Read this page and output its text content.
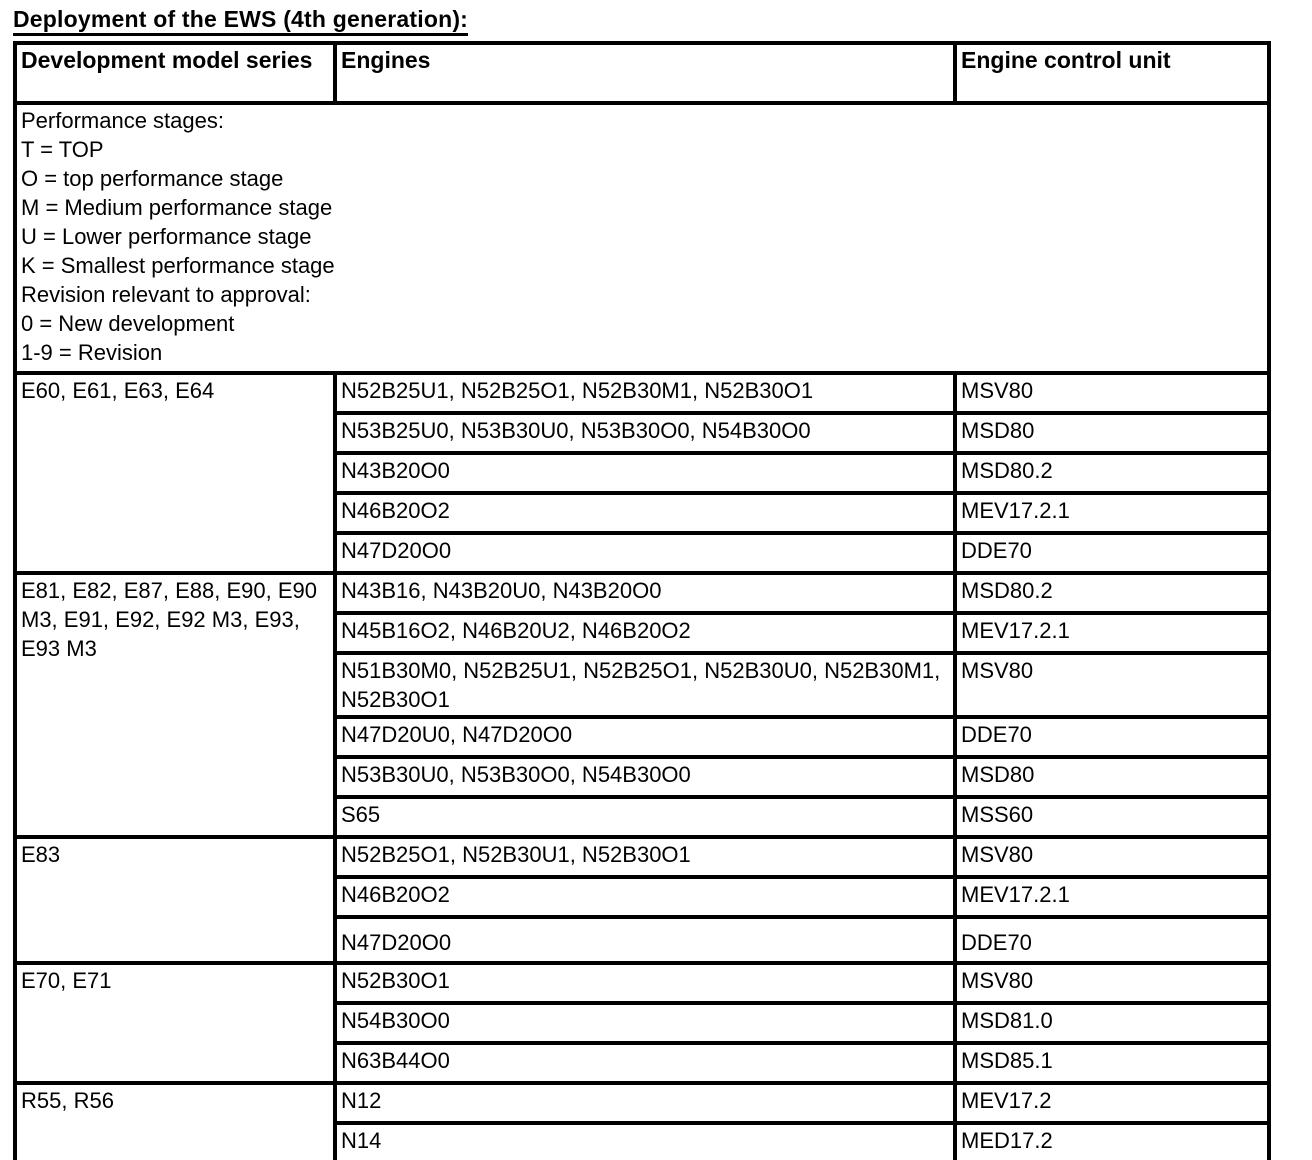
Deployment of the EWS (4th generation):
Development model series	Engines	Engine control unit

Performance stages:
T = TOP
O = top performance stage
M = Medium performance stage
U = Lower performance stage
K = Smallest performance stage
Revision relevant to approval:
0 = New development
1-9 = Revision

E60, E61, E63, E64	N52B25U1, N52B25O1, N52B30M1, N52B30O1	MSV80
	N53B25U0, N53B30U0, N53B30O0, N54B30O0	MSD80
	N43B20O0	MSD80.2
	N46B20O2	MEV17.2.1
	N47D20O0	DDE70
E81, E82, E87, E88, E90, E90 M3, E91, E92, E92 M3, E93, E93 M3	N43B16, N43B20U0, N43B20O0	MSD80.2
	N45B16O2, N46B20U2, N46B20O2	MEV17.2.1
	N51B30M0, N52B25U1, N52B25O1, N52B30U0, N52B30M1, N52B30O1	MSV80
	N47D20U0, N47D20O0	DDE70
	N53B30U0, N53B30O0, N54B30O0	MSD80
	S65	MSS60
E83	N52B25O1, N52B30U1, N52B30O1	MSV80
	N46B20O2	MEV17.2.1
	N47D20O0	DDE70
E70, E71	N52B30O1	MSV80
	N54B30O0	MSD81.0
	N63B44O0	MSD85.1
R55, R56	N12	MEV17.2
	N14	MED17.2
